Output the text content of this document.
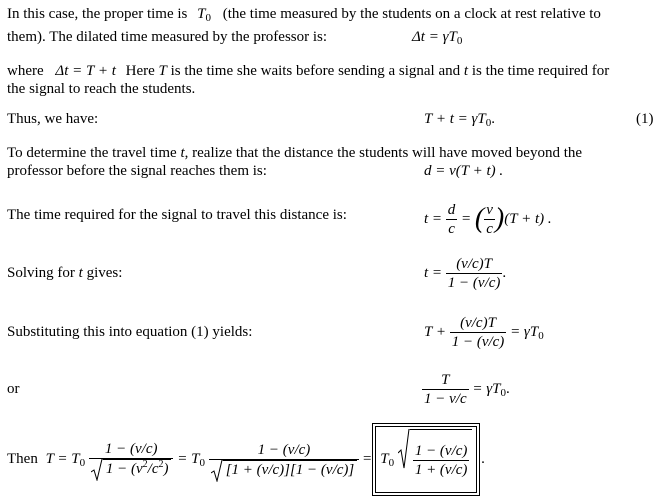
In this case, the proper time is $T_0$ (the time measured by the students on a clock at rest relative to
them). The dilated time measured by the professor is:	$\Delta t = \gamma T_0$
where Δt = T + t Here T is the time she waits before sending a signal and t is the time required for
the signal to reach the students.
Thus, we have:	$T + t = \gamma T_0$.	(1)
To determine the travel time t, realize that the distance the students will have moved beyond the
professor before the signal reaches them is:	d = v(T + t) .
The time required for the signal to travel this distance is:	$t = \frac{d}{c}$ = ( $\frac{v}{c} )(T + t)$ .
Solving for t gives:	$t = \frac{(v/c)T}{1 - (v/c)}$ .
Substituting this into equation (1) yields:	$T + \frac{(v/c)T}{1 - (v/c)} = \gamma T_0$
or	$\frac{T}{1 - v/c} = \gamma T_0$.
Then $T = T_0 \frac{1 - (v/c)}{1 - (v^2/c^2)} = T_0 \frac{1 - (v/c)}{[1 + (v/c)][1 - (v/c)]} = T_0 \frac{1 - (v/c)}{1 + (v/c)}$ .
